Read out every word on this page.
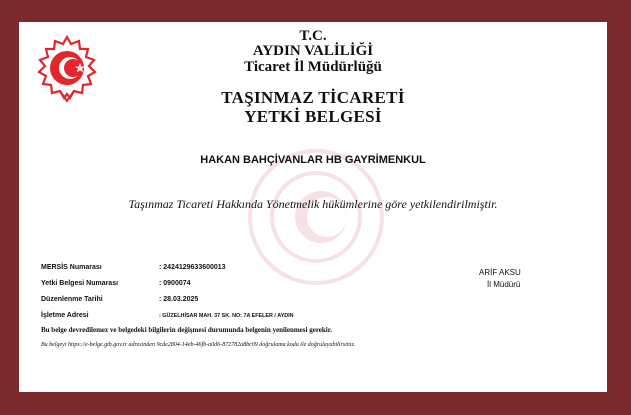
T.C.
AYDIN VALİLİĞİ
Ticaret İl Müdürlüğü
TAŞINMAZ TİCARETİ
YETKİ BELGESİ
HAKAN BAHÇİVANLAR HB GAYRİMENKUL
Taşınmaz Ticareti Hakkında Yönetmelik hükümlerine göre yetkilendirilmiştir.
MERSİS Numarası	: 2424129633600013
Yetki Belgesi Numarası	: 0900074
Düzenlenme Tarihi	: 28.03.2025
İşletme Adresi	: GÜZELHİSAR MAH. 37 SK. NO: 7A EFELER / AYDIN
ARİF AKSU
İl Müdürü
Bu belge devredilemez ve belgedeki bilgilerin değişmesi durumunda belgenin yenilenmesi gerekir.
Bu belgeyi https://e-belge.gtb.gov.tr adresinden 9cde2804-14eb-46fb-a0d6-872782a8bc09 doğrulama kodu ile doğrulayabilirsiniz.
